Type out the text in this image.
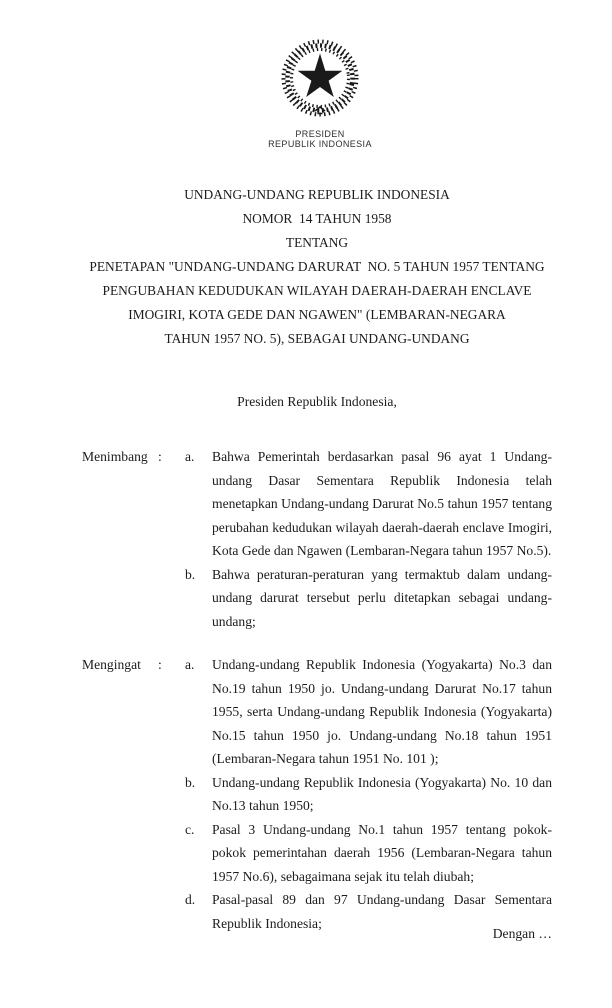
PRESIDEN
REPUBLIK INDONESIA
UNDANG-UNDANG REPUBLIK INDONESIA
NOMOR  14 TAHUN 1958
TENTANG
PENETAPAN "UNDANG-UNDANG DARURAT  NO. 5 TAHUN 1957 TENTANG
PENGUBAHAN KEDUDUKAN WILAYAH DAERAH-DAERAH ENCLAVE
IMOGIRI, KOTA GEDE DAN NGAWEN" (LEMBARAN-NEGARA
TAHUN 1957 NO. 5), SEBAGAI UNDANG-UNDANG
Presiden Republik Indonesia,
Menimbang :	a.	Bahwa Pemerintah berdasarkan pasal 96 ayat 1 Undang-undang Dasar Sementara Republik Indonesia telah menetapkan Undang-undang Darurat No.5 tahun 1957 tentang perubahan kedudukan wilayah daerah-daerah enclave Imogiri, Kota Gede dan Ngawen (Lembaran-Negara tahun 1957 No.5).
b.	Bahwa peraturan-peraturan yang termaktub dalam undang-undang darurat tersebut perlu ditetapkan sebagai undang-undang;
Mengingat	:	a.	Undang-undang Republik Indonesia (Yogyakarta) No.3 dan No.19 tahun 1950 jo. Undang-undang Darurat No.17 tahun 1955, serta Undang-undang Republik Indonesia (Yogyakarta) No.15 tahun 1950 jo. Undang-undang No.18 tahun 1951 (Lembaran-Negara tahun 1951 No. 101 );
b.	Undang-undang Republik Indonesia (Yogyakarta) No. 10 dan No.13 tahun 1950;
c.	Pasal 3 Undang-undang No.1 tahun 1957 tentang pokok-pokok pemerintahan daerah 1956 (Lembaran-Negara tahun 1957 No.6), sebagaimana sejak itu telah diubah;
d.	Pasal-pasal 89 dan 97 Undang-undang Dasar Sementara Republik Indonesia;
Dengan …
